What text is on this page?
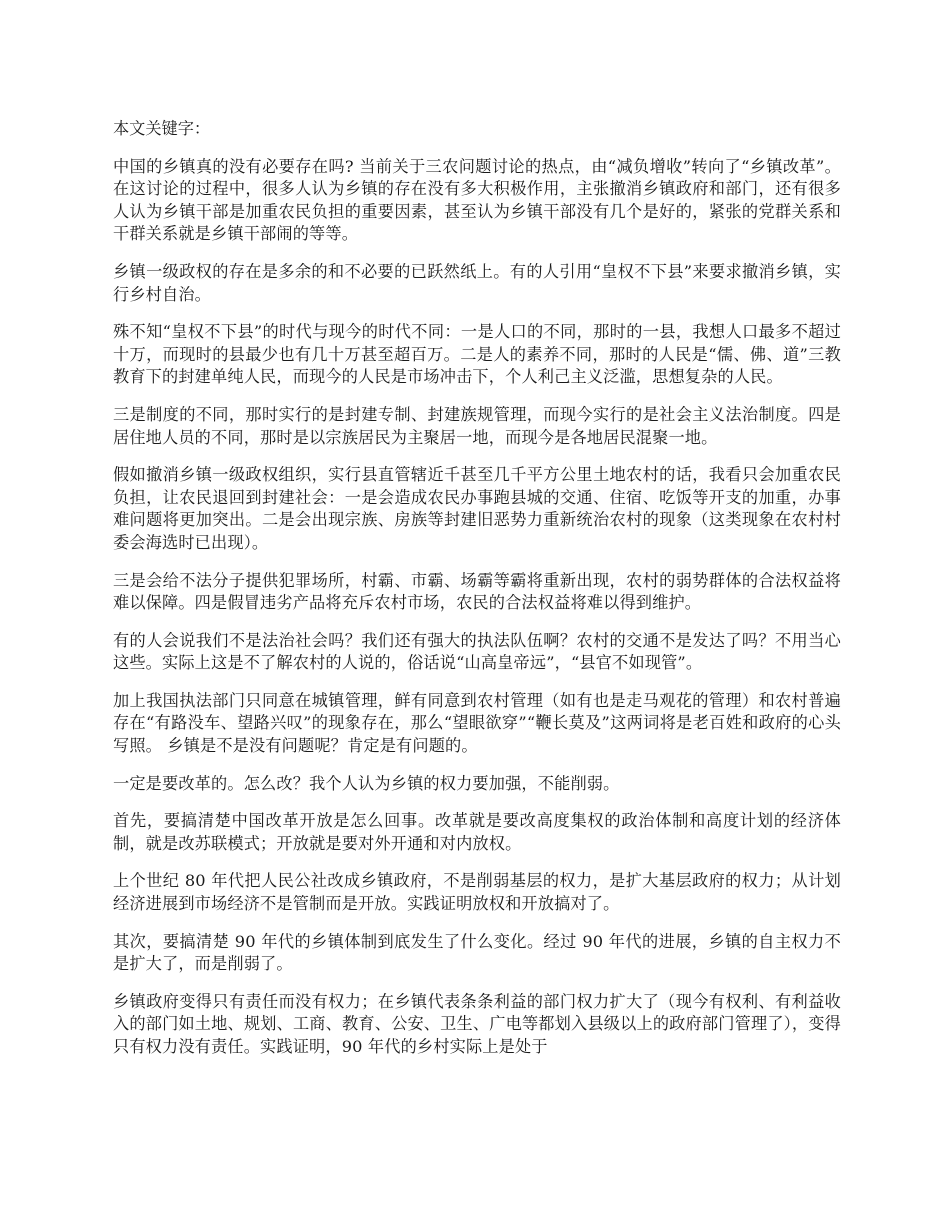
本文关键字：

中国的乡镇真的没有必要存在吗? 当前关于三农问题讨论的热点，由“减负增收”转向了“乡镇改革”。在这讨论的过程中，很多人认为乡镇的存在没有多大积极作用，主张撤消乡镇政府和部门，还有很多人认为乡镇干部是加重农民负担的重要因素，甚至认为乡镇干部没有几个是好的，紧张的党群关系和干群关系就是乡镇干部闹的等等。

乡镇一级政权的存在是多余的和不必要的已跃然纸上。有的人引用“皇权不下县”来要求撤消乡镇，实行乡村自治。

殊不知“皇权不下县”的时代与现今的时代不同：一是人口的不同，那时的一县，我想人口最多不超过十万，而现时的县最少也有几十万甚至超百万。二是人的素养不同，那时的人民是“儒、佛、道”三教教育下的封建单纯人民，而现今的人民是市场冲击下，个人利己主义泛滥，思想复杂的人民。

三是制度的不同，那时实行的是封建专制、封建族规管理，而现今实行的是社会主义法治制度。四是居住地人员的不同，那时是以宗族居民为主聚居一地，而现今是各地居民混聚一地。

假如撤消乡镇一级政权组织，实行县直管辖近千甚至几千平方公里土地农村的话，我看只会加重农民负担，让农民退回到封建社会：一是会造成农民办事跑县城的交通、住宿、吃饭等开支的加重，办事难问题将更加突出。二是会出现宗族、房族等封建旧恶势力重新统治农村的现象（这类现象在农村村委会海选时已出现）。

三是会给不法分子提供犯罪场所，村霸、市霸、场霸等霸将重新出现，农村的弱势群体的合法权益将难以保障。四是假冒违劣产品将充斥农村市场，农民的合法权益将难以得到维护。

有的人会说我们不是法治社会吗？我们还有强大的执法队伍啊？农村的交通不是发达了吗？不用当心这些。实际上这是不了解农村的人说的，俗话说“山高皇帝远”，“县官不如现管”。

加上我国执法部门只同意在城镇管理，鲜有同意到农村管理（如有也是走马观花的管理）和农村普遍存在“有路没车、望路兴叹”的现象存在，那么“望眼欲穿”“鞭长莫及”这两词将是老百姓和政府的心头写照。 乡镇是不是没有问题呢？肯定是有问题的。

一定是要改革的。怎么改？我个人认为乡镇的权力要加强，不能削弱。

首先，要搞清楚中国改革开放是怎么回事。改革就是要改高度集权的政治体制和高度计划的经济体制，就是改苏联模式；开放就是要对外开通和对内放权。

上个世纪 80 年代把人民公社改成乡镇政府，不是削弱基层的权力，是扩大基层政府的权力；从计划经济进展到市场经济不是管制而是开放。实践证明放权和开放搞对了。

其次，要搞清楚 90 年代的乡镇体制到底发生了什么变化。经过 90 年代的进展，乡镇的自主权力不是扩大了，而是削弱了。

乡镇政府变得只有责任而没有权力；在乡镇代表条条利益的部门权力扩大了（现今有权利、有利益收入的部门如土地、规划、工商、教育、公安、卫生、广电等都划入县级以上的政府部门管理了），变得只有权力没有责任。实践证明，90 年代的乡村实际上是处于
